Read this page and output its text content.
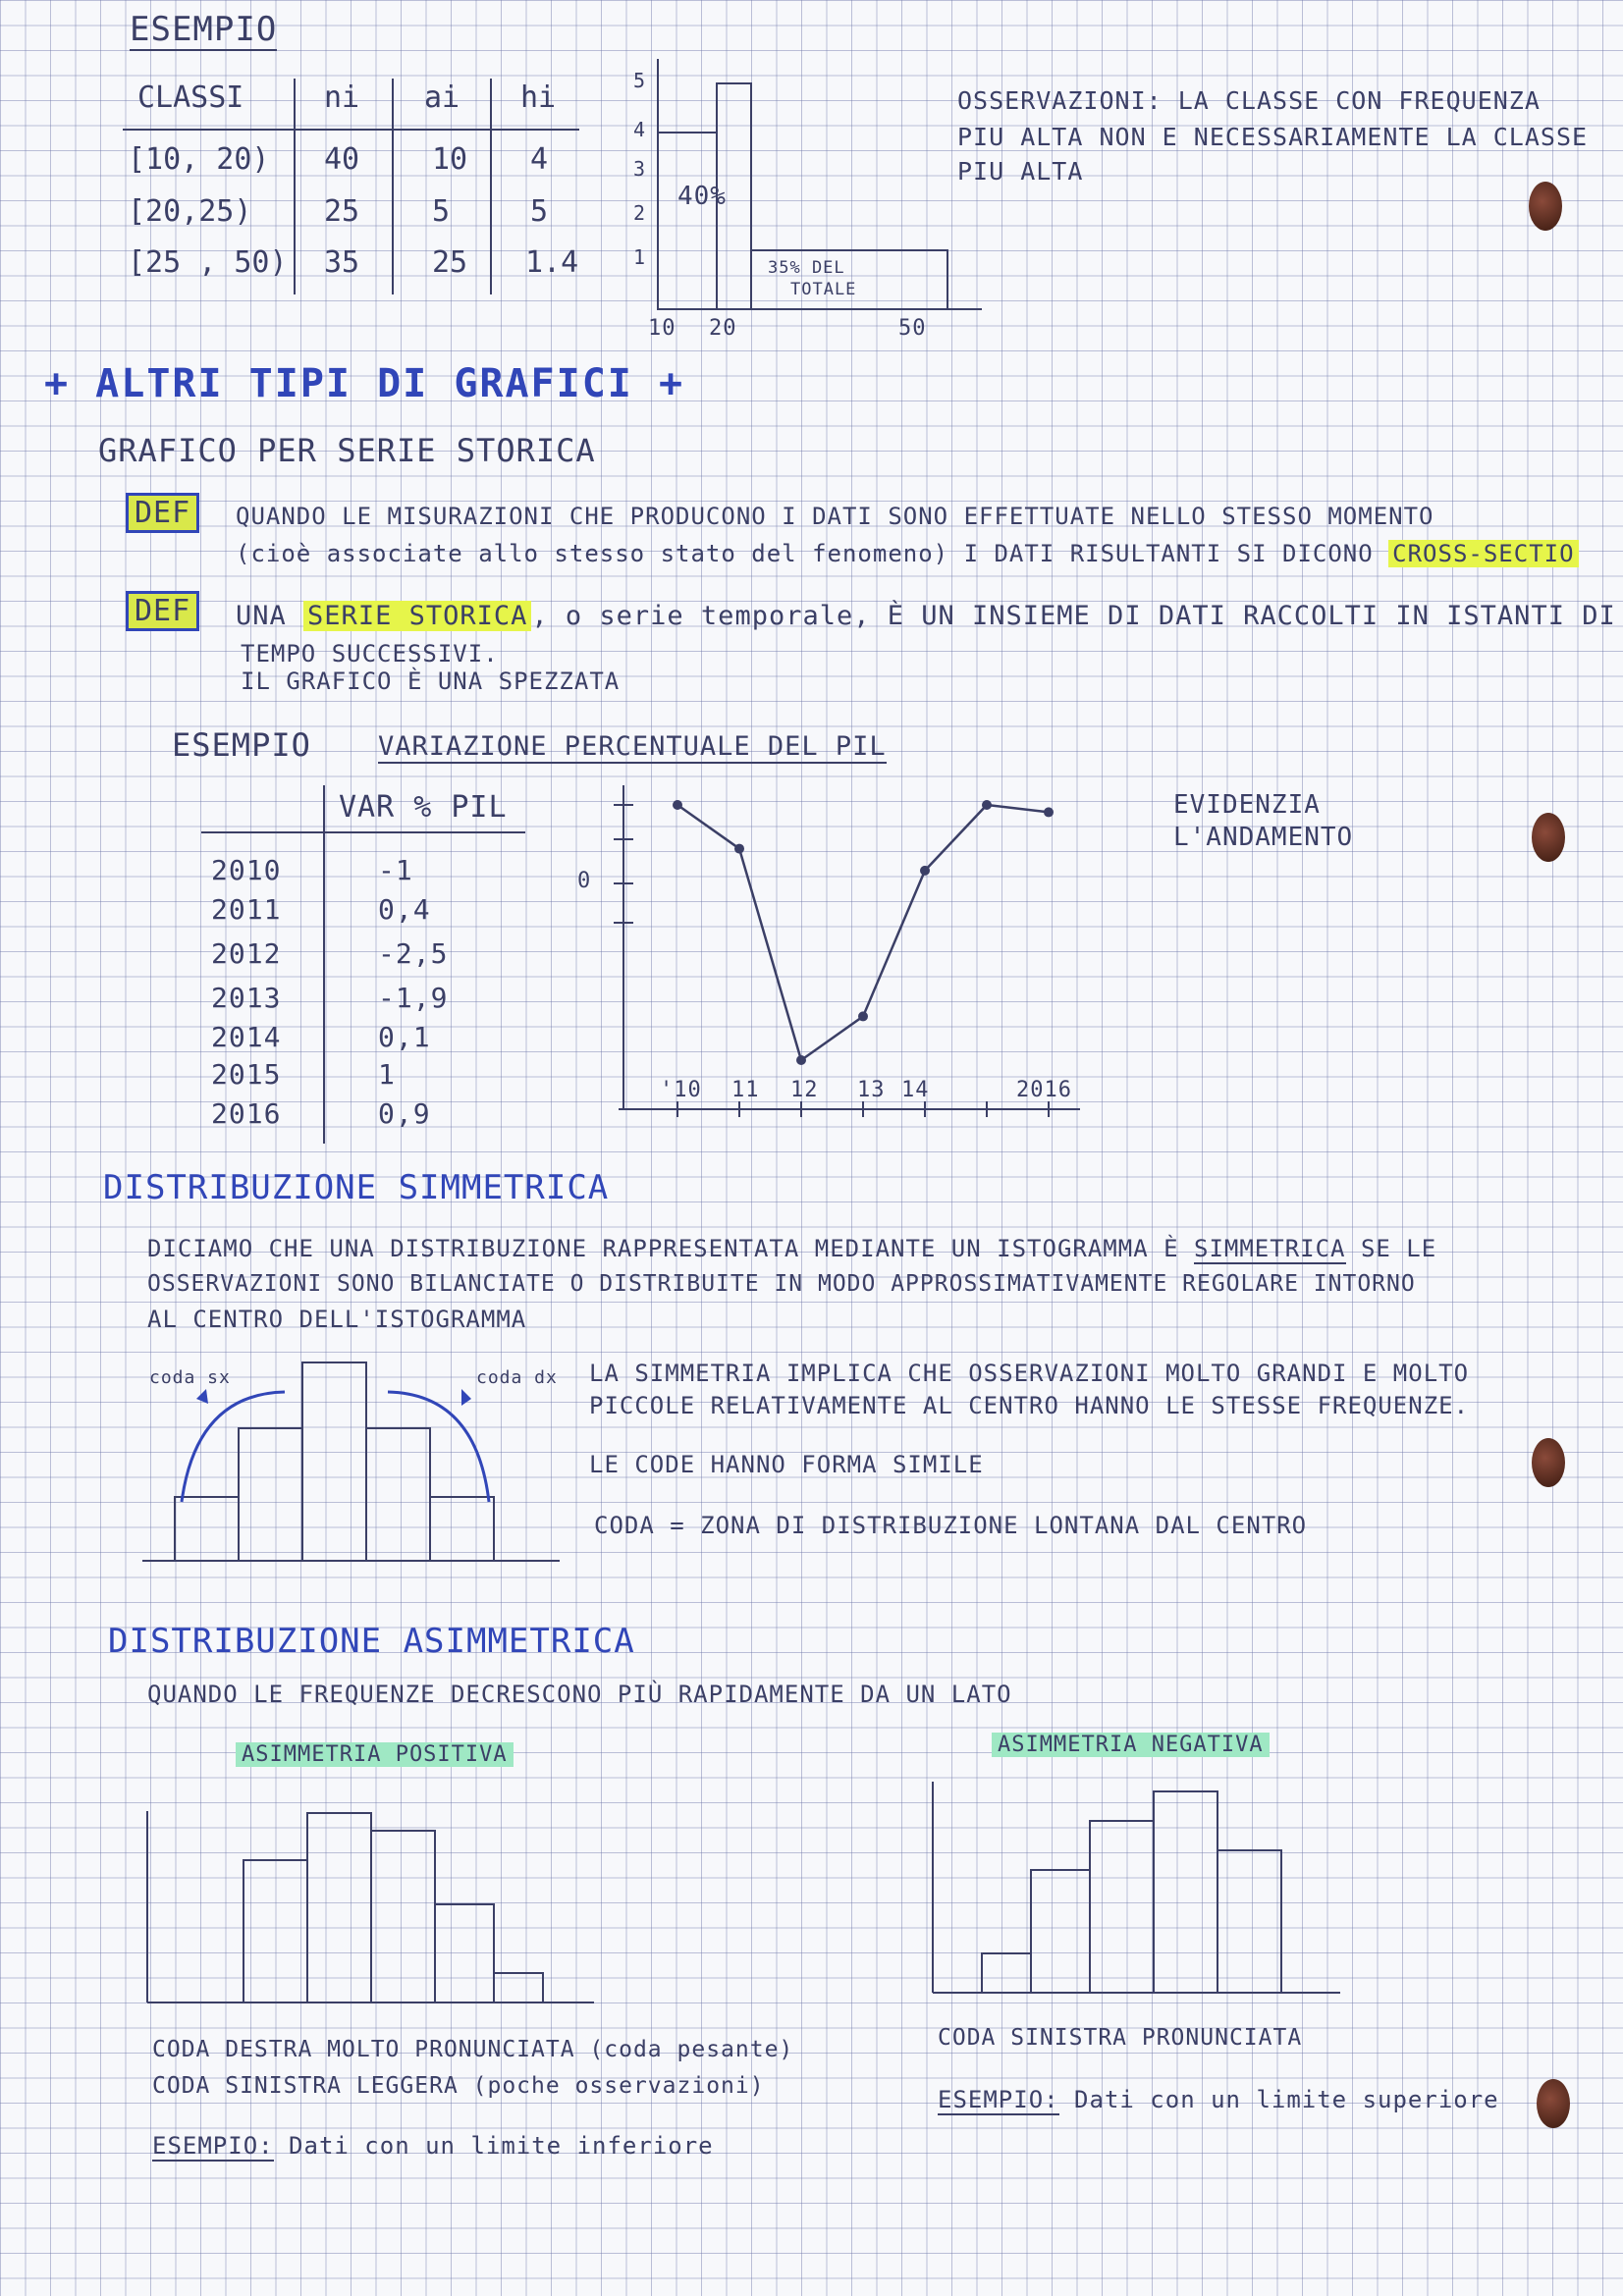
ESEMPIO
CLASSI	ni ai hi
[10, 20) 40 10 4
[20,25) 25 5	5
[25 , 50) 35 25 1.4
5
4
3
2
1
10 20	50
40%
35% DEL
TOTALE
OSSERVAZIONI: LA CLASSE CON FREQUENZA
PIU ALTA NON E NECESSARIAMENTE LA CLASSE
PIU ALTA
+ ALTRI TIPI DI GRAFICI +
GRAFICO PER SERIE STORICA
DEF	QUANDO LE MISURAZIONI CHE PRODUCONO I DATI SONO EFFETTUATE NELLO STESSO MOMENTO
(cioè associate allo stesso stato del fenomeno) I DATI RISULTANTI SI DICONO CROSS-SECTIO
DEF	UNA SERIE STORICA , o serie temporale, È UN INSIEME DI DATI RACCOLTI IN ISTANTI DI
TEMPO SUCCESSIVI.
IL GRAFICO È UNA SPEZZATA
ESEMPIO	VARIAZIONE PERCENTUALE DEL PIL
VAR % PIL
2010	-1
2011	0,4
2012	-2,5
2013	-1,9
2014	0,1
2015	1
2016	0,9
0
'10 11 12 13 14	2016
EVIDENZIA
L'ANDAMENTO
DISTRIBUZIONE SIMMETRICA
DICIAMO CHE UNA DISTRIBUZIONE RAPPRESENTATA MEDIANTE UN ISTOGRAMMA È SIMMETRICA SE LE
OSSERVAZIONI SONO BILANCIATE O DISTRIBUITE IN MODO APPROSSIMATIVAMENTE REGOLARE INTORNO
AL CENTRO DELL'ISTOGRAMMA
coda sx	coda dx LA SIMMETRIA IMPLICA CHE OSSERVAZIONI MOLTO GRANDI E MOLTO
PICCOLE RELATIVAMENTE AL CENTRO HANNO LE STESSE FREQUENZE.
LE CODE HANNO FORMA SIMILE
CODA = ZONA DI DISTRIBUZIONE LONTANA DAL CENTRO
DISTRIBUZIONE ASIMMETRICA
QUANDO LE FREQUENZE DECRESCONO PIÙ RAPIDAMENTE DA UN LATO
ASIMMETRIA POSITIVA	ASIMMETRIA NEGATIVA
CODA DESTRA MOLTO PRONUNCIATA (coda pesante)
CODA SINISTRA LEGGERA (poche osservazioni)
ESEMPIO: Dati con un limite inferiore
CODA SINISTRA PRONUNCIATA
ESEMPIO: Dati con un limite superiore
